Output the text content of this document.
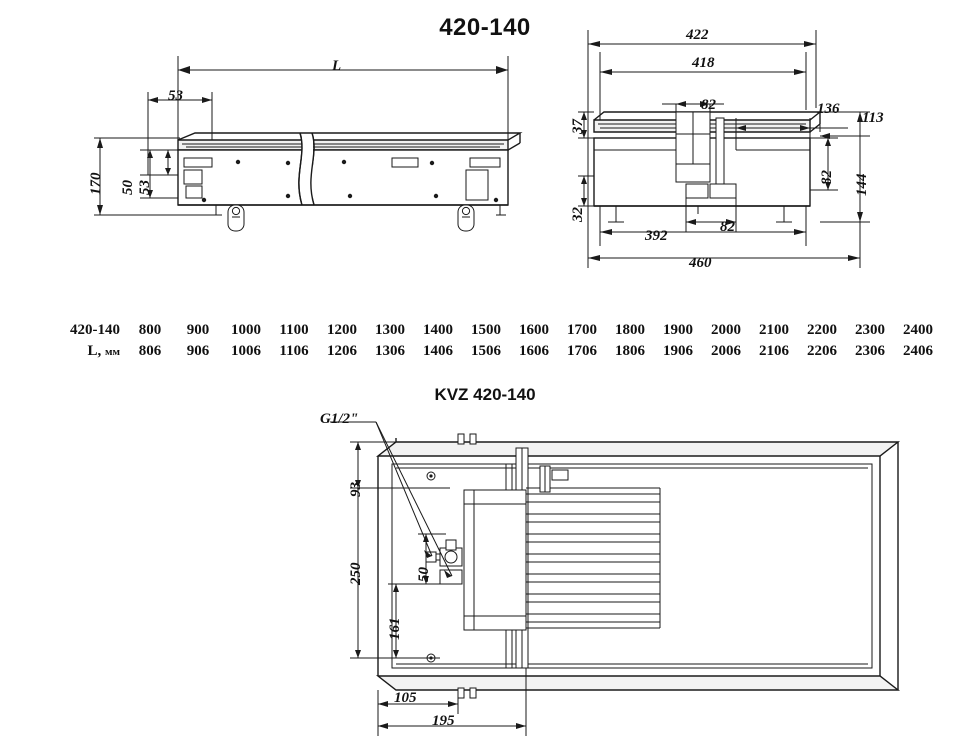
420-140
KVZ 420-140
L
53
170 50 53
422
418
37
32
82	136
113
82 144
392
82
460
420-140	800	900	1000	1100	1200	1300	1400	1500	1600	1700	1800	1900	2000	2100	2200	2300	2400
L, мм	806	906	1006	1106	1206	1306	1406	1506	1606	1706	1806	1906	2006	2106	2206	2306	2406
G1/2"
93
250	50
161
105
195
